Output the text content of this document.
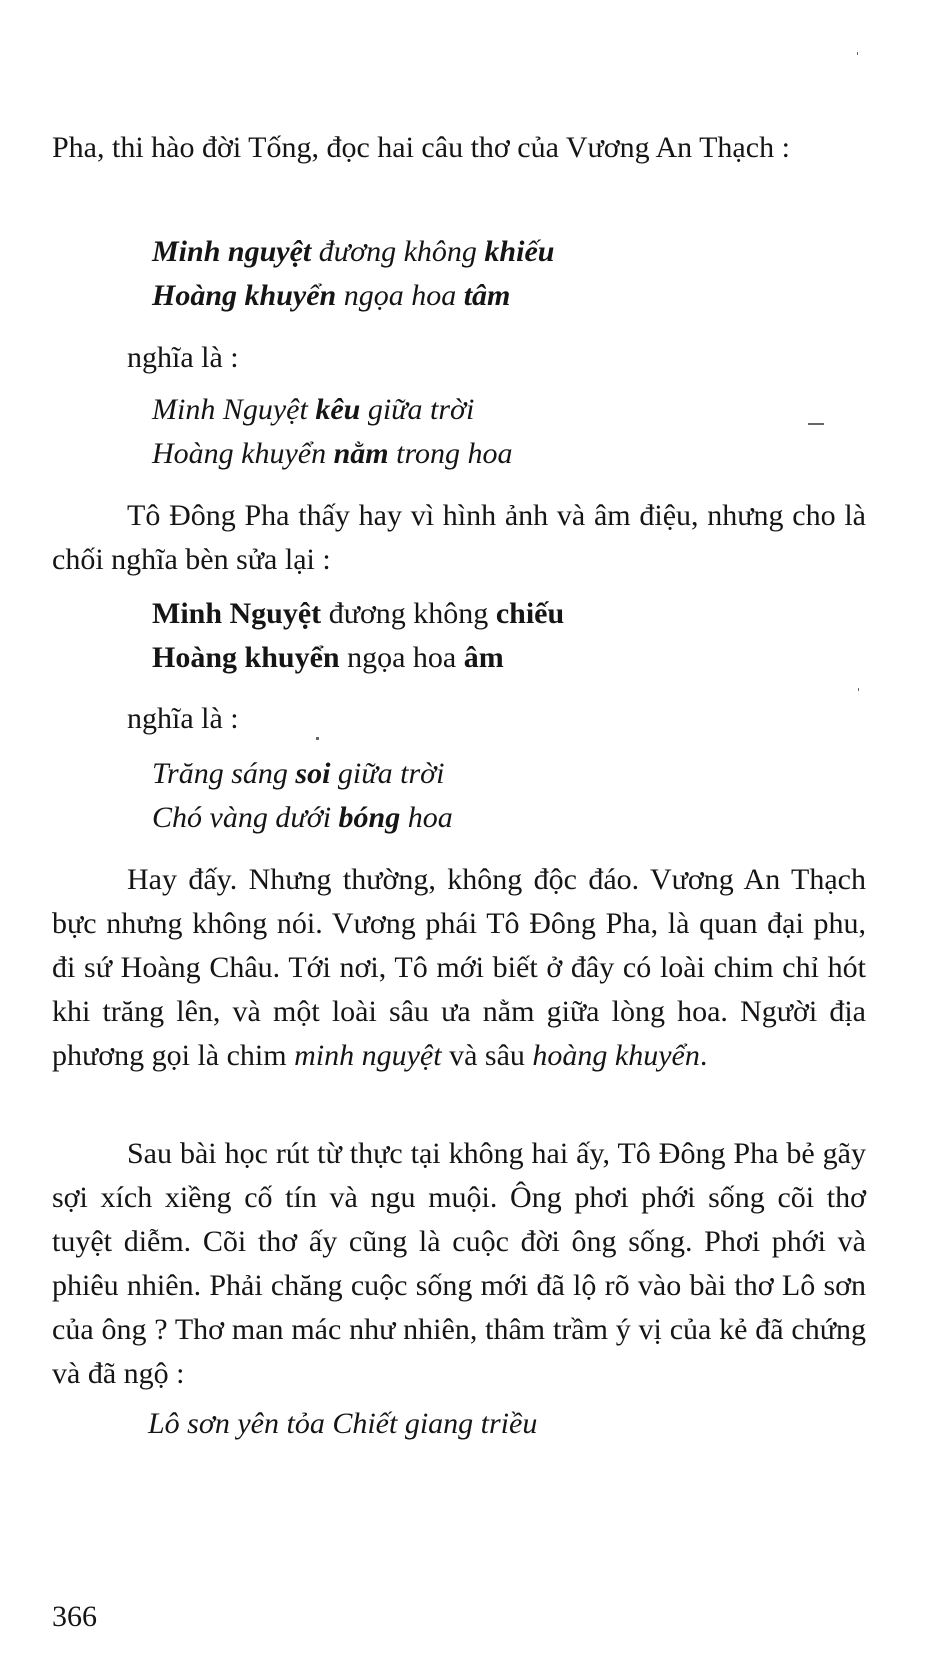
Pha, thi hào đời Tống, đọc hai câu thơ của Vương An Thạch :

Minh nguyệt đương không khiếu
Hoàng khuyển ngọa hoa tâm

nghĩa là :

Minh Nguyệt kêu giữa trời
Hoàng khuyển nằm trong hoa

Tô Đông Pha thấy hay vì hình ảnh và âm điệu, nhưng cho là chối nghĩa bèn sửa lại :

Minh Nguyệt đương không chiếu
Hoàng khuyển ngọa hoa âm

nghĩa là :

Trăng sáng soi giữa trời
Chó vàng dưới bóng hoa

Hay đấy. Nhưng thường, không độc đáo. Vương An Thạch bực nhưng không nói. Vương phái Tô Đông Pha, là quan đại phu, đi sứ Hoàng Châu. Tới nơi, Tô mới biết ở đây có loài chim chỉ hót khi trăng lên, và một loài sâu ưa nằm giữa lòng hoa. Người địa phương gọi là chim minh nguyệt và sâu hoàng khuyển.

Sau bài học rút từ thực tại không hai ấy, Tô Đông Pha bẻ gãy sợi xích xiềng cố tín và ngu muội. Ông phơi phới sống cõi thơ tuyệt diễm. Cõi thơ ấy cũng là cuộc đời ông sống. Phơi phới và phiêu nhiên. Phải chăng cuộc sống mới đã lộ rõ vào bài thơ Lô sơn của ông ? Thơ man mác như nhiên, thâm trầm ý vị của kẻ đã chứng và đã ngộ :

Lô sơn yên tỏa Chiết giang triều
366
